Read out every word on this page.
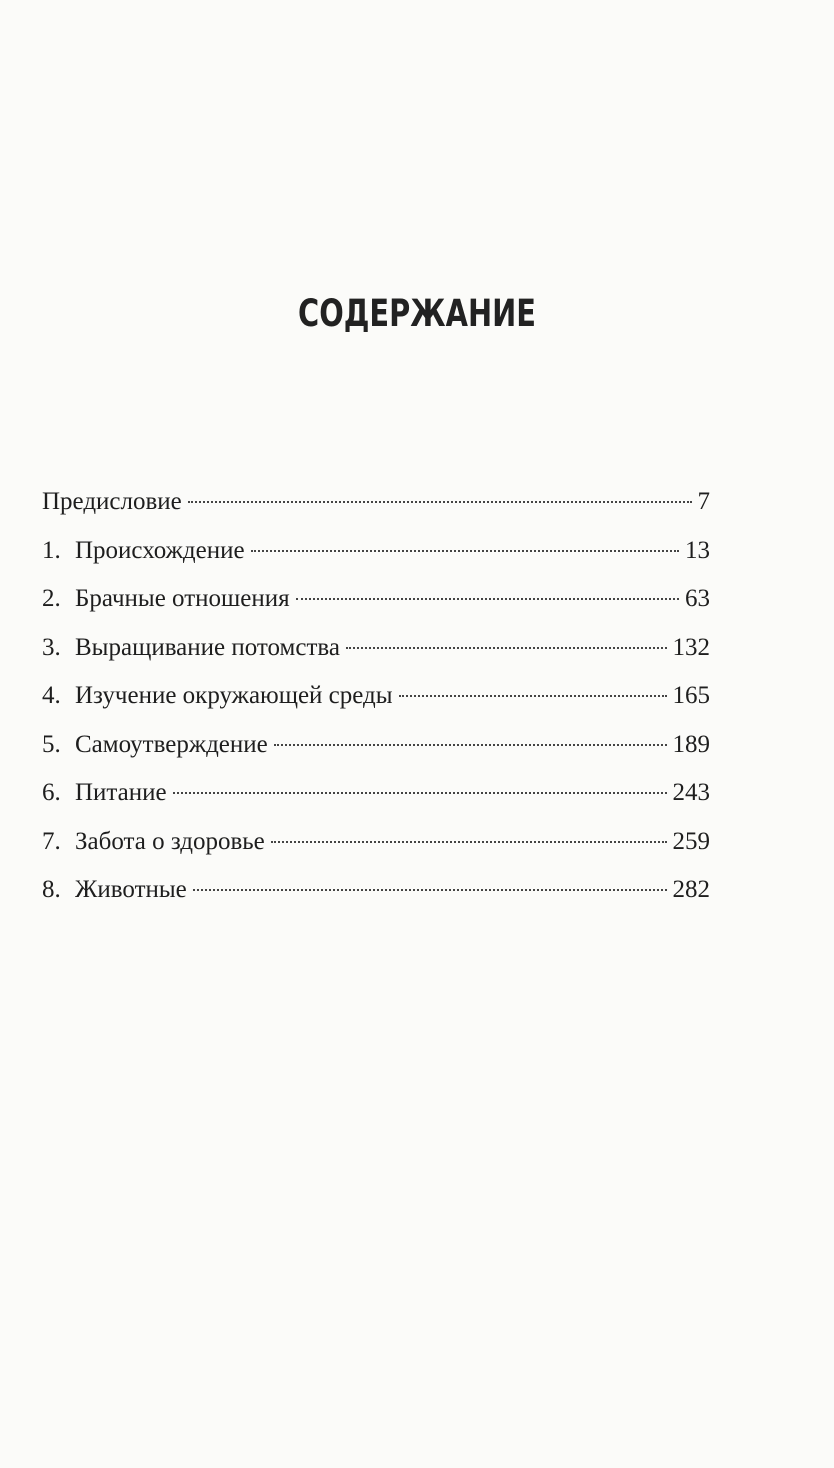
СОДЕРЖАНИЕ
Предисловие	7
1. Происхождение	13
2. Брачные отношения	63
3. Выращивание потомства	132
4. Изучение окружающей среды	165
5. Самоутверждение	189
6. Питание	243
7. Забота о здоровье	259
8. Животные	282
